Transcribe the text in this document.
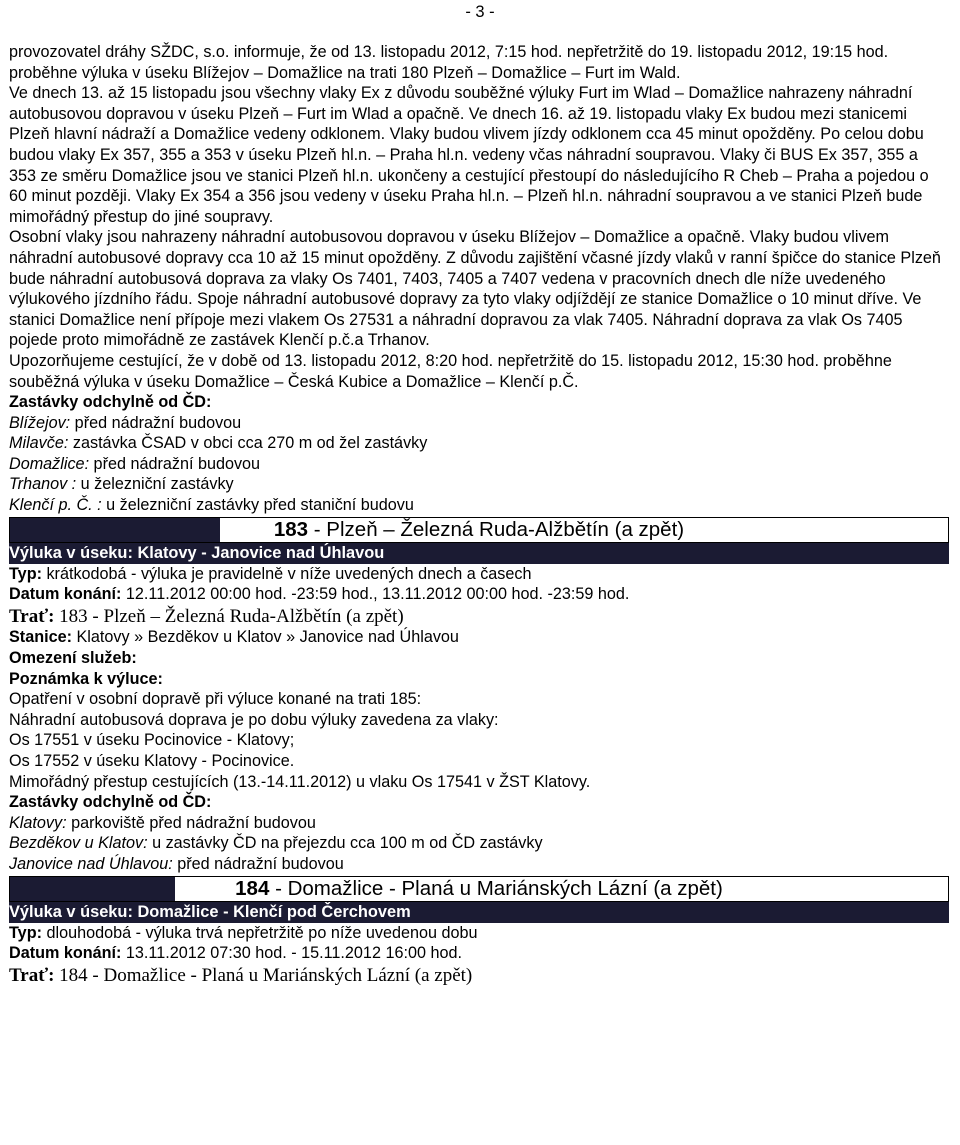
- 3 -

provozovatel dráhy SŽDC, s.o. informuje, že od 13. listopadu 2012, 7:15 hod. nepřetržitě do 19. listopadu 2012, 19:15 hod. proběhne výluka v úseku Blížejov – Domažlice na trati 180 Plzeň – Domažlice – Furt im Wald.

Ve dnech 13. až 15 listopadu jsou všechny vlaky Ex z důvodu souběžné výluky Furt im Wlad – Domažlice nahrazeny náhradní autobusovou dopravou v úseku Plzeň – Furt im Wlad a opačně. Ve dnech 16. až 19. listopadu vlaky Ex budou mezi stanicemi Plzeň hlavní nádraží a Domažlice vedeny odklonem. Vlaky budou vlivem jízdy odklonem cca 45 minut opožděny. Po celou dobu budou vlaky Ex 357, 355 a 353 v úseku Plzeň hl.n. – Praha hl.n. vedeny včas náhradní soupravou. Vlaky či BUS Ex 357, 355 a 353 ze směru Domažlice jsou ve stanici Plzeň hl.n. ukončeny a cestující přestoupí do následujícího R Cheb – Praha a pojedou o 60 minut později. Vlaky Ex 354 a 356 jsou vedeny v úseku Praha hl.n. – Plzeň hl.n. náhradní soupravou a ve stanici Plzeň bude mimořádný přestup do jiné soupravy.

Osobní vlaky jsou nahrazeny náhradní autobusovou dopravou v úseku Blížejov – Domažlice a opačně. Vlaky budou vlivem náhradní autobusové dopravy cca 10 až 15 minut opožděny. Z důvodu zajištění včasné jízdy vlaků v ranní špičce do stanice Plzeň bude náhradní autobusová doprava za vlaky Os 7401, 7403, 7405 a 7407 vedena v pracovních dnech dle níže uvedeného výlukového jízdního řádu. Spoje náhradní autobusové dopravy za tyto vlaky odjíždějí ze stanice Domažlice o 10 minut dříve. Ve stanici Domažlice není přípoje mezi vlakem Os 27531 a náhradní dopravou za vlak 7405. Náhradní doprava za vlak Os 7405 pojede proto mimořádně ze zastávek Klenčí p.č.a Trhanov.

Upozorňujeme cestující, že v době od 13. listopadu 2012, 8:20 hod. nepřetržitě do 15. listopadu 2012, 15:30 hod. proběhne souběžná výluka v úseku Domažlice – Česká Kubice a Domažlice – Klenčí p.Č.

Zastávky odchylně od ČD:

Blížejov: před nádražní budovou

Milavče: zastávka ČSAD v obci cca 270 m od žel zastávky

Domažlice: před nádražní budovou

Trhanov : u železniční zastávky

Klenčí p. Č. : u železniční zastávky před staniční budovu

183 - Plzeň – Železná Ruda-Alžbětín (a zpět)
Výluka v úseku: Klatovy - Janovice nad Úhlavou

Typ: krátkodobá - výluka je pravidelně v níže uvedených dnech a časech

Datum konání: 12.11.2012 00:00 hod. -23:59 hod., 13.11.2012 00:00 hod. -23:59 hod.

Trať: 183 - Plzeň – Železná Ruda-Alžbětín (a zpět)

Stanice: Klatovy » Bezděkov u Klatov » Janovice nad Úhlavou

Omezení služeb:

Poznámka k výluce:

Opatření v osobní dopravě při výluce konané na trati 185:

Náhradní autobusová doprava je po dobu výluky zavedena za vlaky:

Os 17551 v úseku Pocinovice - Klatovy;

Os 17552 v úseku Klatovy - Pocinovice.

Mimořádný přestup cestujících (13.-14.11.2012) u vlaku Os 17541 v ŽST Klatovy.

Zastávky odchylně od ČD:

Klatovy: parkoviště před nádražní budovou

Bezděkov u Klatov: u zastávky ČD na přejezdu cca 100 m od ČD zastávky

Janovice nad Úhlavou: před nádražní budovou

184 - Domažlice - Planá u Mariánských Lázní (a zpět)
Výluka v úseku: Domažlice - Klenčí pod Čerchovem

Typ: dlouhodobá - výluka trvá nepřetržitě po níže uvedenou dobu

Datum konání: 13.11.2012 07:30 hod. - 15.11.2012 16:00 hod.

Trať: 184 - Domažlice - Planá u Mariánských Lázní (a zpět)
